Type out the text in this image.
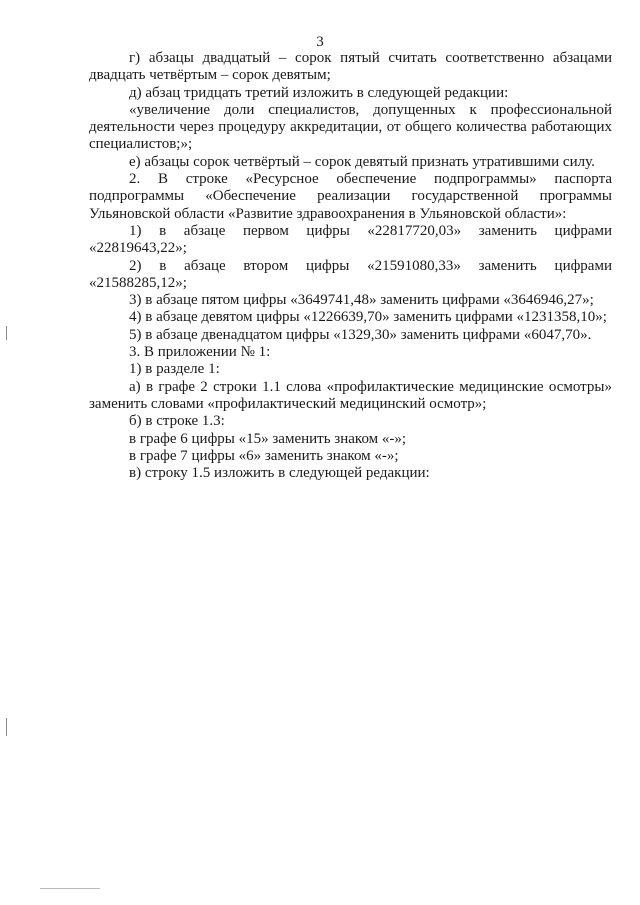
3

г) абзацы двадцатый – сорок пятый считать соответственно абзацами двадцать четвёртым – сорок девятым;

д) абзац тридцать третий изложить в следующей редакции:

«увеличение доли специалистов, допущенных к профессиональной деятельности через процедуру аккредитации, от общего количества работающих специалистов;»;

е) абзацы сорок четвёртый – сорок девятый признать утратившими силу.

2. В строке «Ресурсное обеспечение подпрограммы» паспорта подпрограммы «Обеспечение реализации государственной программы Ульяновской области «Развитие здравоохранения в Ульяновской области»:

1) в абзаце первом цифры «22817720,03» заменить цифрами «22819643,22»;

2) в абзаце втором цифры «21591080,33» заменить цифрами «21588285,12»;

3) в абзаце пятом цифры «3649741,48» заменить цифрами «3646946,27»;

4) в абзаце девятом цифры «1226639,70» заменить цифрами «1231358,10»;

5) в абзаце двенадцатом цифры «1329,30» заменить цифрами «6047,70».

3. В приложении № 1:

1) в разделе 1:

а) в графе 2 строки 1.1 слова «профилактические медицинские осмотры» заменить словами «профилактический медицинский осмотр»;

б) в строке 1.3:

в графе 6 цифры «15» заменить знаком «-»;

в графе 7 цифры «6» заменить знаком «-»;

в) строку 1.5 изложить в следующей редакции:
